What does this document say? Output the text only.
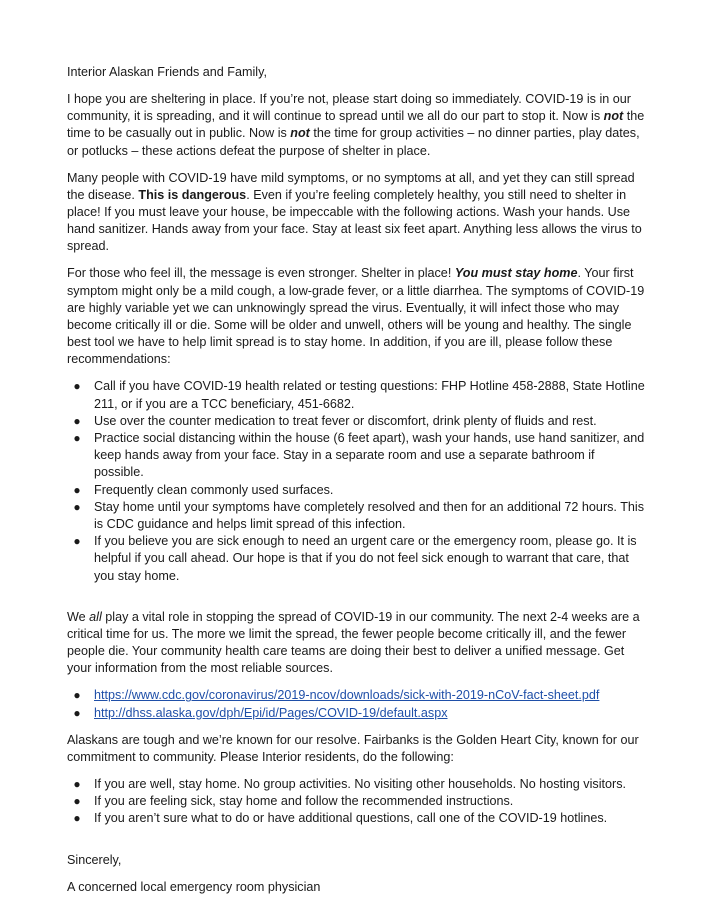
Interior Alaskan Friends and Family,

I hope you are sheltering in place. If you’re not, please start doing so immediately. COVID-19 is in our community, it is spreading, and it will continue to spread until we all do our part to stop it. Now is not the time to be casually out in public. Now is not the time for group activities – no dinner parties, play dates, or potlucks – these actions defeat the purpose of shelter in place.

Many people with COVID-19 have mild symptoms, or no symptoms at all, and yet they can still spread the disease. This is dangerous. Even if you’re feeling completely healthy, you still need to shelter in place! If you must leave your house, be impeccable with the following actions. Wash your hands. Use hand sanitizer. Hands away from your face. Stay at least six feet apart. Anything less allows the virus to spread.

For those who feel ill, the message is even stronger. Shelter in place! You must stay home. Your first symptom might only be a mild cough, a low-grade fever, or a little diarrhea. The symptoms of COVID-19 are highly variable yet we can unknowingly spread the virus. Eventually, it will infect those who may become critically ill or die. Some will be older and unwell, others will be young and healthy. The single best tool we have to help limit spread is to stay home. In addition, if you are ill, please follow these recommendations:

● Call if you have COVID-19 health related or testing questions: FHP Hotline 458-2888, State Hotline 211, or if you are a TCC beneficiary, 451-6682.
● Use over the counter medication to treat fever or discomfort, drink plenty of fluids and rest.
● Practice social distancing within the house (6 feet apart), wash your hands, use hand sanitizer, and keep hands away from your face. Stay in a separate room and use a separate bathroom if possible.
● Frequently clean commonly used surfaces.
● Stay home until your symptoms have completely resolved and then for an additional 72 hours. This is CDC guidance and helps limit spread of this infection.
● If you believe you are sick enough to need an urgent care or the emergency room, please go. It is helpful if you call ahead. Our hope is that if you do not feel sick enough to warrant that care, that you stay home.

We all play a vital role in stopping the spread of COVID-19 in our community. The next 2-4 weeks are a critical time for us. The more we limit the spread, the fewer people become critically ill, and the fewer people die. Your community health care teams are doing their best to deliver a unified message. Get your information from the most reliable sources.

● https://www.cdc.gov/coronavirus/2019-ncov/downloads/sick-with-2019-nCoV-fact-sheet.pdf
● http://dhss.alaska.gov/dph/Epi/id/Pages/COVID-19/default.aspx

Alaskans are tough and we’re known for our resolve. Fairbanks is the Golden Heart City, known for our commitment to community. Please Interior residents, do the following:

● If you are well, stay home. No group activities. No visiting other households. No hosting visitors.
● If you are feeling sick, stay home and follow the recommended instructions.
● If you aren’t sure what to do or have additional questions, call one of the COVID-19 hotlines.

Sincerely,

A concerned local emergency room physician
